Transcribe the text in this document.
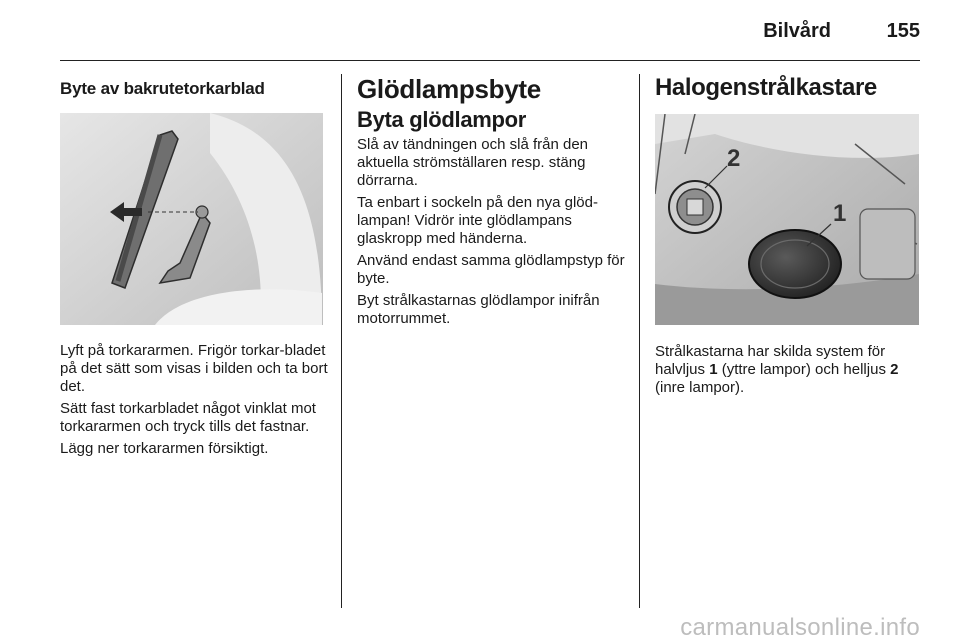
Bilvård	155
Byte av bakrutetorkarblad

Lyft på torkararmen. Frigör torkar-bladet på det sätt som visas i bilden och ta bort det.

Sätt fast torkarbladet något vinklat mot torkararmen och tryck tills det fastnar.

Lägg ner torkararmen försiktigt.

Glödlampsbyte
Byta glödlampor

Slå av tändningen och slå från den aktuella strömställaren resp. stäng dörrarna.

Ta enbart i sockeln på den nya glöd-lampan! Vidrör inte glödlampans glaskropp med händerna.

Använd endast samma glödlampstyp för byte.

Byt strålkastarnas glödlampor inifrån motorrummet.

Halogenstrålkastare
1
2

Strålkastarna har skilda system för halvljus 1 (yttre lampor) och helljus 2 (inre lampor).

carmanualsonline.info
